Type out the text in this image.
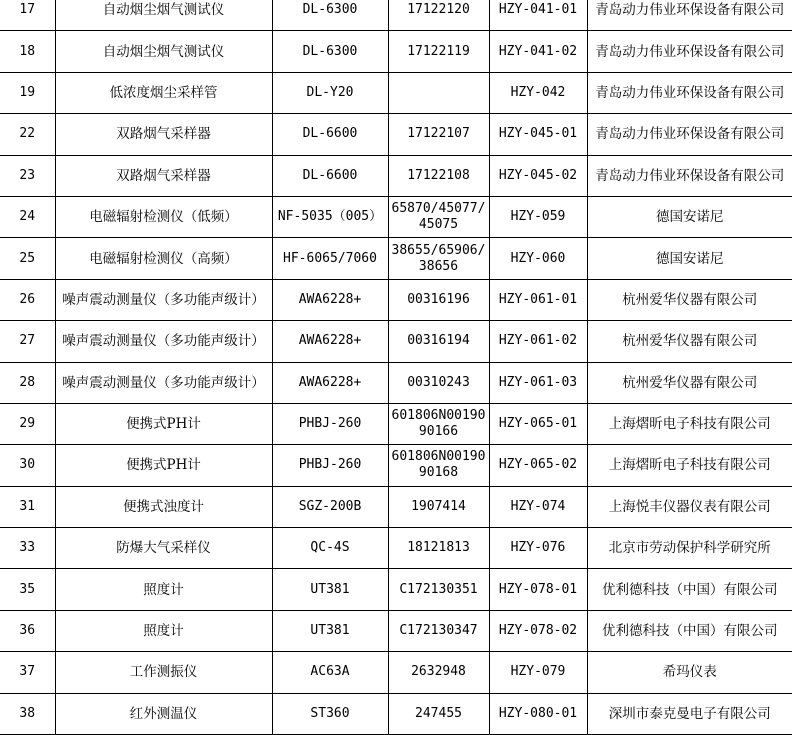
17	自动烟尘烟气测试仪	DL-6300	17122120	HZY-041-01	青岛动力伟业环保设备有限公司
18	自动烟尘烟气测试仪	DL-6300	17122119	HZY-041-02	青岛动力伟业环保设备有限公司
19	低浓度烟尘采样管	DL-Y20		HZY-042	青岛动力伟业环保设备有限公司
22	双路烟气采样器	DL-6600	17122107	HZY-045-01	青岛动力伟业环保设备有限公司
23	双路烟气采样器	DL-6600	17122108	HZY-045-02	青岛动力伟业环保设备有限公司
24	电磁辐射检测仪（低频）	NF-5035（005）	65870/45077/45075	HZY-059	德国安诺尼
25	电磁辐射检测仪（高频）	HF-6065/7060	38655/65906/38656	HZY-060	德国安诺尼
26	噪声震动测量仪（多功能声级计）	AWA6228+	00316196	HZY-061-01	杭州爱华仪器有限公司
27	噪声震动测量仪（多功能声级计）	AWA6228+	00316194	HZY-061-02	杭州爱华仪器有限公司
28	噪声震动测量仪（多功能声级计）	AWA6228+	00310243	HZY-061-03	杭州爱华仪器有限公司
29	便携式PH计	PHBJ-260	601806N0019090166	HZY-065-01	上海熠昕电子科技有限公司
30	便携式PH计	PHBJ-260	601806N0019090168	HZY-065-02	上海熠昕电子科技有限公司
31	便携式浊度计	SGZ-200B	1907414	HZY-074	上海悦丰仪器仪表有限公司
33	防爆大气采样仪	QC-4S	18121813	HZY-076	北京市劳动保护科学研究所
35	照度计	UT381	C172130351	HZY-078-01	优利德科技（中国）有限公司
36	照度计	UT381	C172130347	HZY-078-02	优利德科技（中国）有限公司
37	工作测振仪	AC63A	2632948	HZY-079	希玛仪表
38	红外测温仪	ST360	247455	HZY-080-01	深圳市泰克曼电子有限公司
